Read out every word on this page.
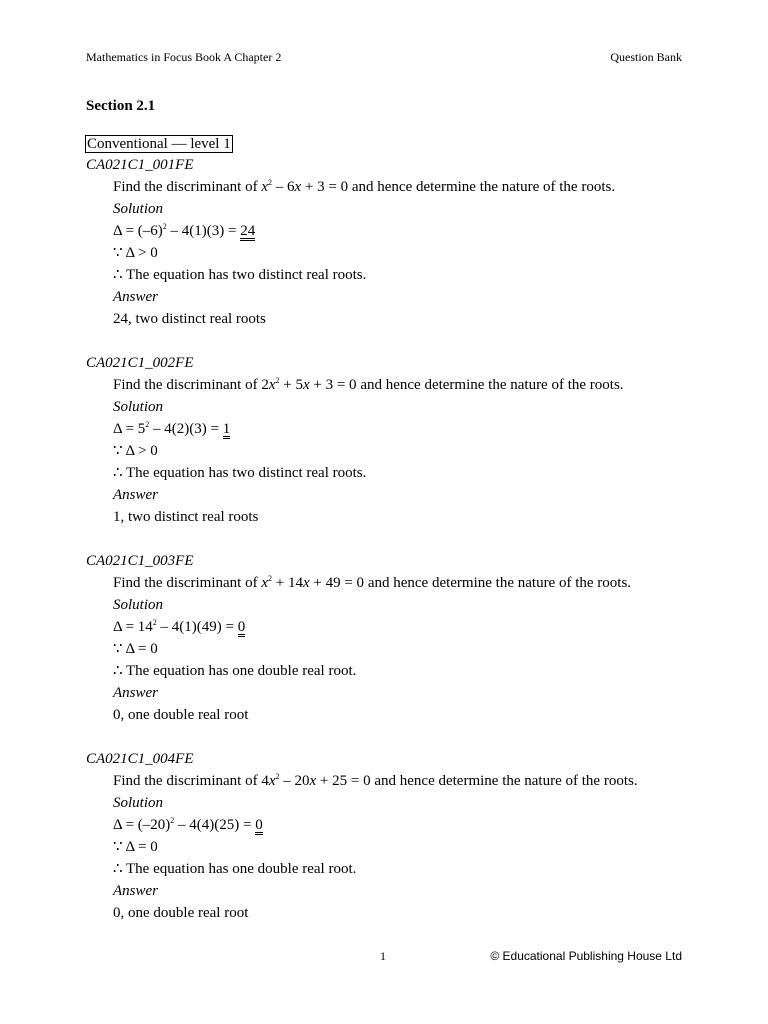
Mathematics in Focus Book A Chapter 2	Question Bank
Section 2.1
Conventional — level 1
CA021C1_001FE
Find the discriminant of $x^2 - 6x + 3 = 0$ and hence determine the nature of the roots.
Solution
$\Delta = (-6)^2 - 4(1)(3) = 24$
∵ Δ > 0
∴ The equation has two distinct real roots.
Answer
24, two distinct real roots
CA021C1_002FE
Find the discriminant of $2x^2 + 5x + 3 = 0$ and hence determine the nature of the roots.
Solution
$\Delta = 5^2 - 4(2)(3) = 1$
∵ Δ > 0
∴ The equation has two distinct real roots.
Answer
1, two distinct real roots
CA021C1_003FE
Find the discriminant of $x^2 + 14x + 49 = 0$ and hence determine the nature of the roots.
Solution
$\Delta = 14^2 - 4(1)(49) = 0$
∵ Δ = 0
∴ The equation has one double real root.
Answer
0, one double real root
CA021C1_004FE
Find the discriminant of $4x^2 - 20x + 25 = 0$ and hence determine the nature of the roots.
Solution
$\Delta = (-20)^2 - 4(4)(25) = 0$
∵ Δ = 0
∴ The equation has one double real root.
Answer
0, one double real root
1	© Educational Publishing House Ltd
